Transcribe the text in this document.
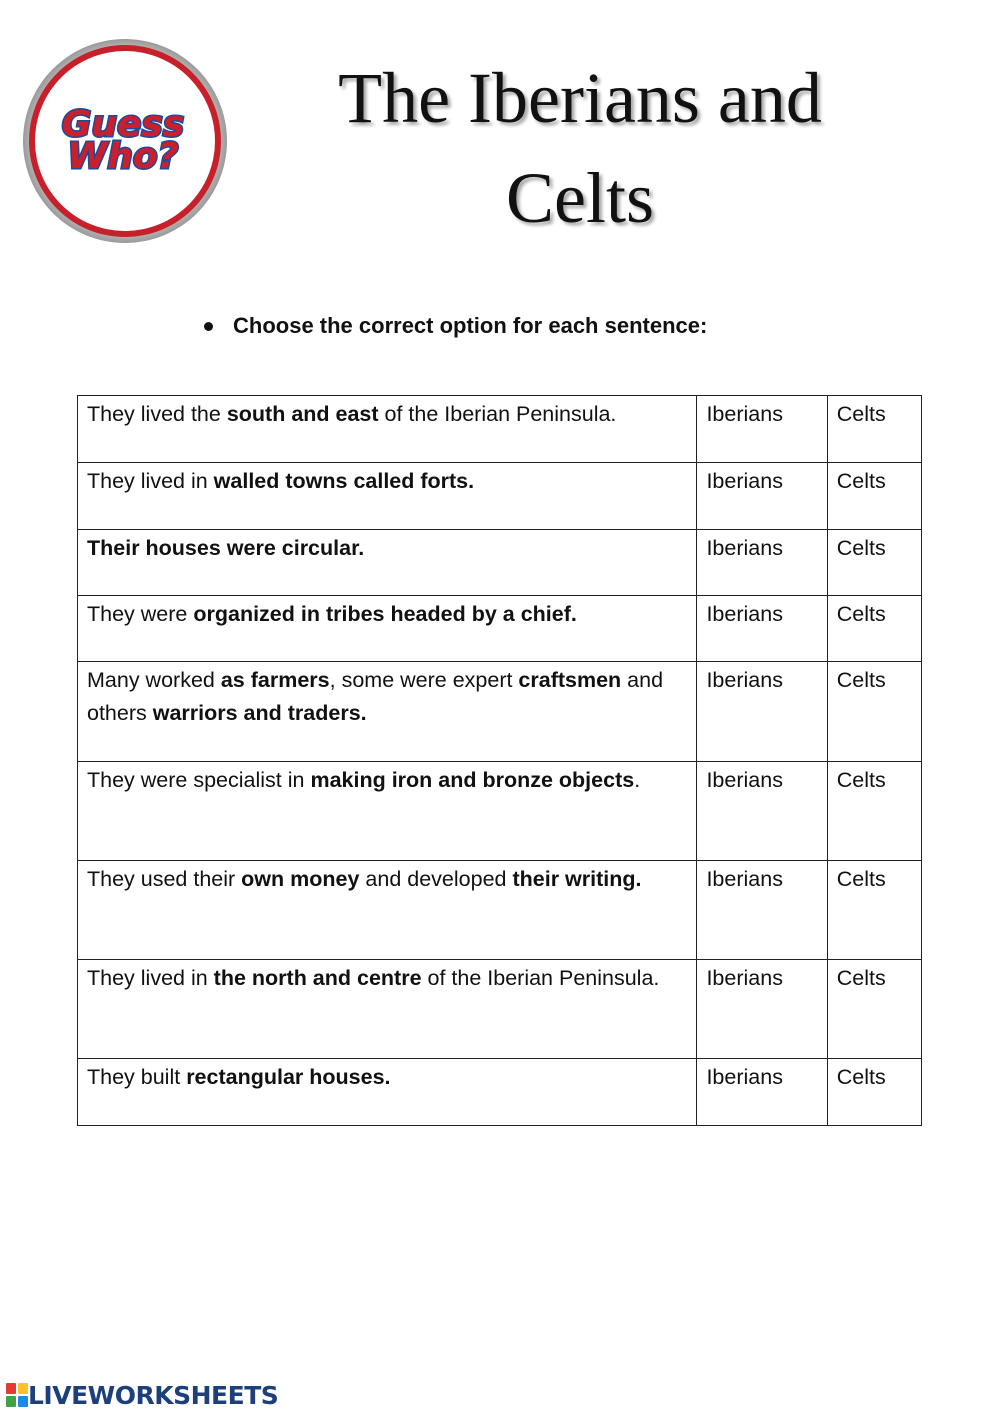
Guess
Who?
The Iberians and
Celts
Choose the correct option for each sentence:
They lived the south and east of the Iberian Peninsula.	Iberians	Celts
They lived in walled towns called forts.	Iberians	Celts
Their houses were circular.	Iberians	Celts
They were organized in tribes headed by a chief.	Iberians	Celts
Many worked as farmers, some were expert craftsmen and others warriors and traders.	Iberians	Celts
They were specialist in making iron and bronze objects.	Iberians	Celts
They used their own money and developed their writing.	Iberians	Celts
They lived in the north and centre of the Iberian Peninsula.	Iberians	Celts
They built rectangular houses.	Iberians	Celts
LIVEWORKSHEETS
